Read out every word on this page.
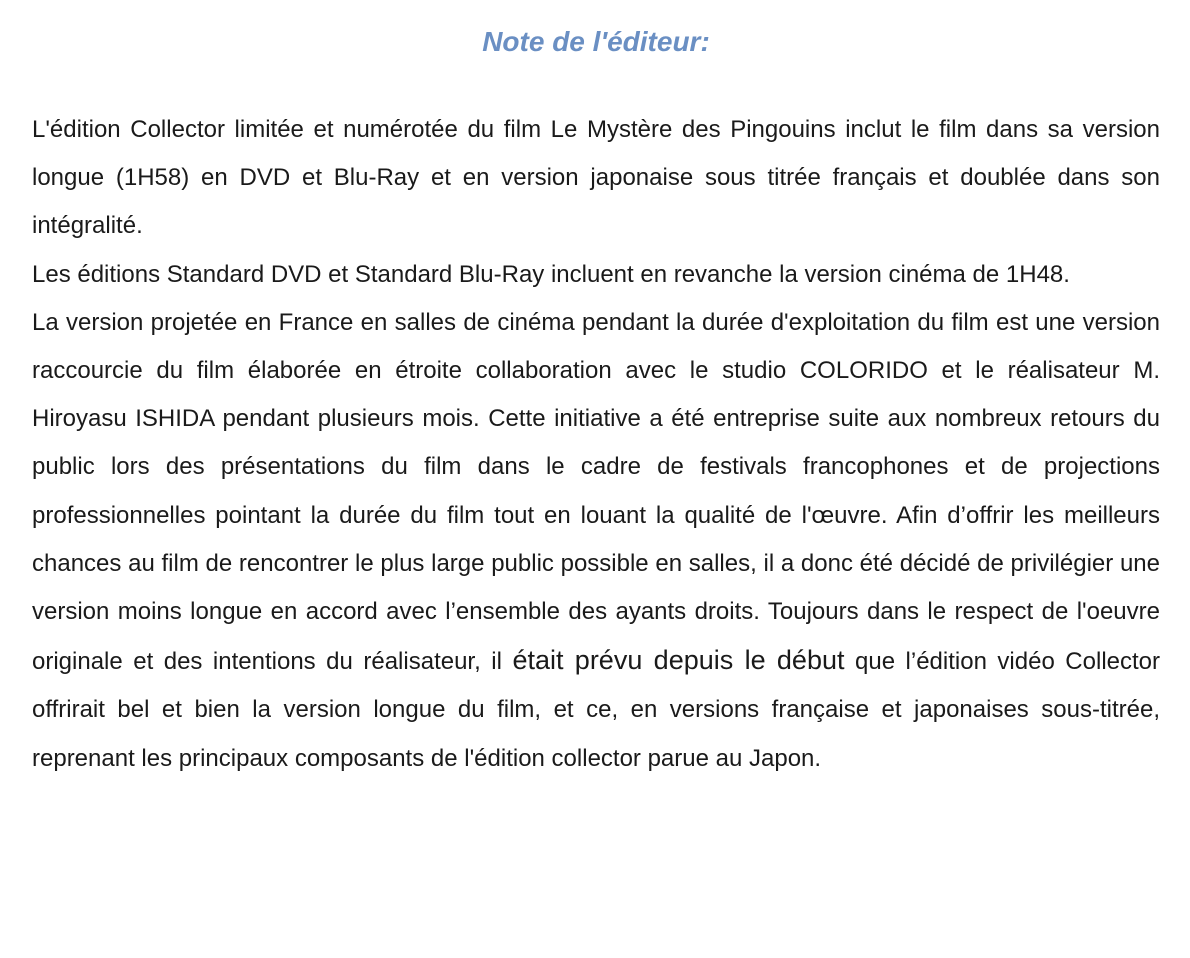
Note de l'éditeur:

L'édition Collector limitée et numérotée du film Le Mystère des Pingouins inclut le film dans sa version longue (1H58) en DVD et Blu-Ray et en version japonaise sous titrée français et doublée dans son intégralité.

Les éditions Standard DVD et Standard Blu-Ray incluent en revanche la version cinéma de 1H48.

La version projetée en France en salles de cinéma pendant la durée d'exploitation du film est une version raccourcie du film élaborée en étroite collaboration avec le studio COLORIDO et le réalisateur M. Hiroyasu ISHIDA pendant plusieurs mois. Cette initiative a été entreprise suite aux nombreux retours du public lors des présentations du film dans le cadre de festivals francophones et de projections professionnelles pointant la durée du film tout en louant la qualité de l'œuvre. Afin d’offrir les meilleurs chances au film de rencontrer le plus large public possible en salles, il a donc été décidé de privilégier une version moins longue en accord avec l’ensemble des ayants droits. Toujours dans le respect de l'oeuvre originale et des intentions du réalisateur, il était prévu depuis le début que l’édition vidéo Collector offrirait bel et bien la version longue du film, et ce, en versions française et japonaises sous-titrée, reprenant les principaux composants de l'édition collector parue au Japon.
